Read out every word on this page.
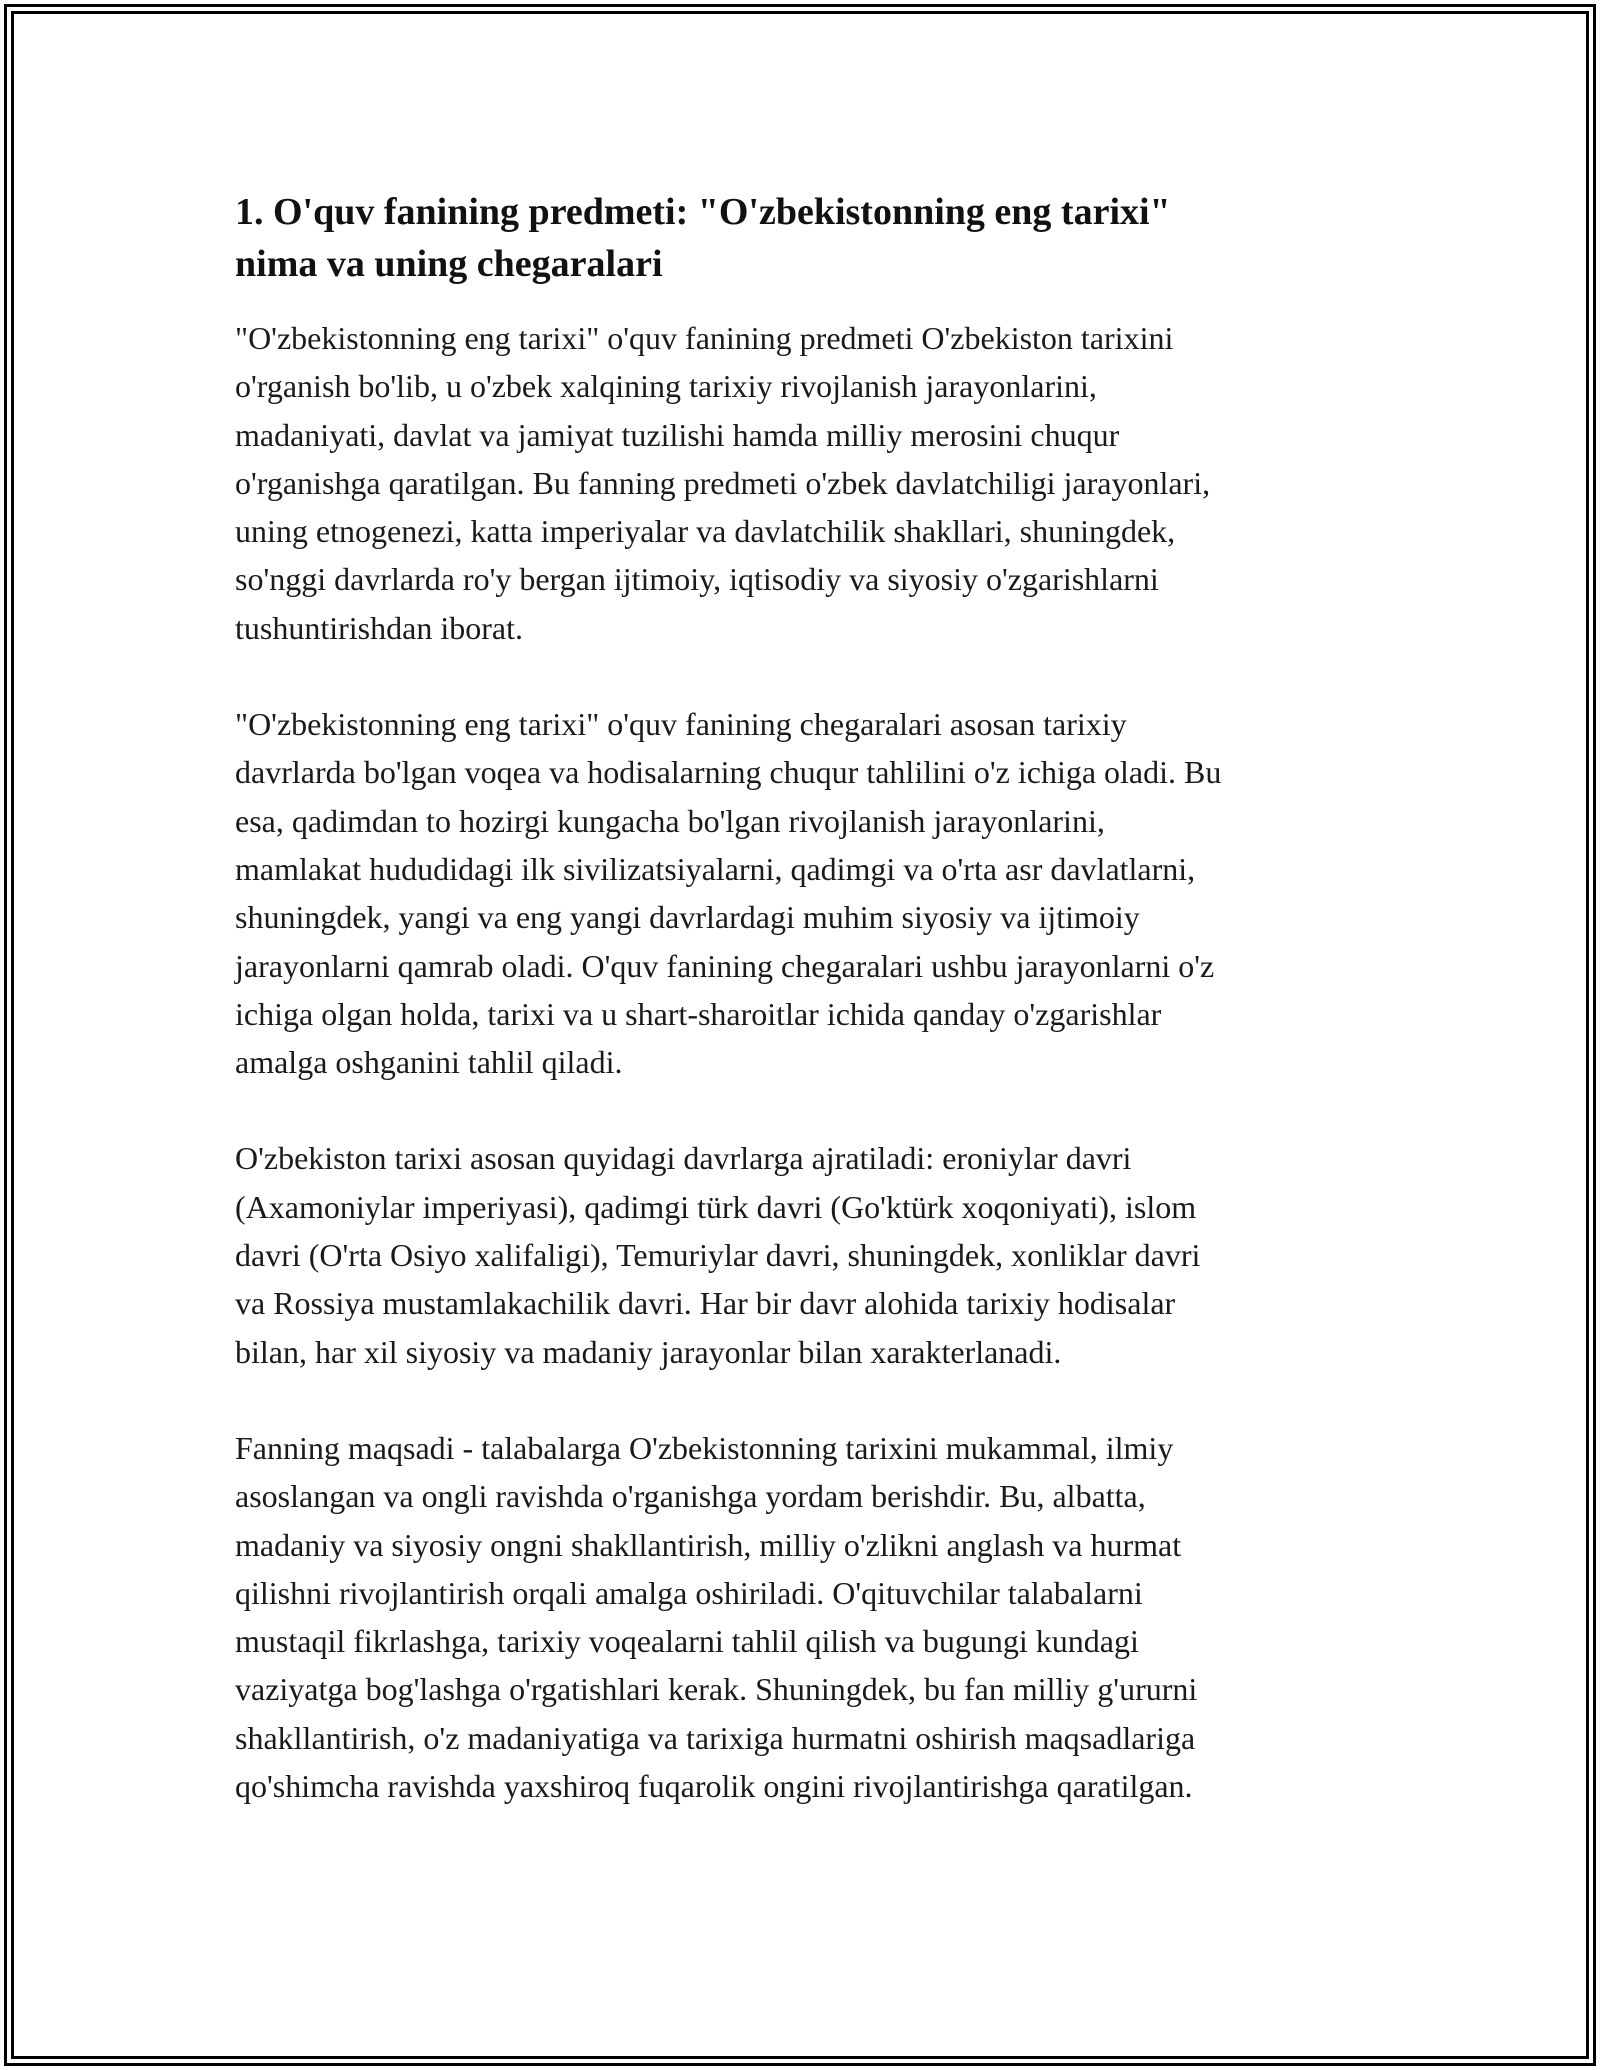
1. O'quv fanining predmeti: "O'zbekistonning eng tarixi"
nima va uning chegaralari

"O'zbekistonning eng tarixi" o'quv fanining predmeti O'zbekiston tarixini
o'rganish bo'lib, u o'zbek xalqining tarixiy rivojlanish jarayonlarini,
madaniyati, davlat va jamiyat tuzilishi hamda milliy merosini chuqur
o'rganishga qaratilgan. Bu fanning predmeti o'zbek davlatchiligi jarayonlari,
uning etnogenezi, katta imperiyalar va davlatchilik shakllari, shuningdek,
so'nggi davrlarda ro'y bergan ijtimoiy, iqtisodiy va siyosiy o'zgarishlarni
tushuntirishdan iborat.

"O'zbekistonning eng tarixi" o'quv fanining chegaralari asosan tarixiy
davrlarda bo'lgan voqea va hodisalarning chuqur tahlilini o'z ichiga oladi. Bu
esa, qadimdan to hozirgi kungacha bo'lgan rivojlanish jarayonlarini,
mamlakat hududidagi ilk sivilizatsiyalarni, qadimgi va o'rta asr davlatlarni,
shuningdek, yangi va eng yangi davrlardagi muhim siyosiy va ijtimoiy
jarayonlarni qamrab oladi. O'quv fanining chegaralari ushbu jarayonlarni o'z
ichiga olgan holda, tarixi va u shart-sharoitlar ichida qanday o'zgarishlar
amalga oshganini tahlil qiladi.

O'zbekiston tarixi asosan quyidagi davrlarga ajratiladi: eroniylar davri
(Axamoniylar imperiyasi), qadimgi türk davri (Go'ktürk xoqoniyati), islom
davri (O'rta Osiyo xalifaligi), Temuriylar davri, shuningdek, xonliklar davri
va Rossiya mustamlakachilik davri. Har bir davr alohida tarixiy hodisalar
bilan, har xil siyosiy va madaniy jarayonlar bilan xarakterlanadi.

Fanning maqsadi - talabalarga O'zbekistonning tarixini mukammal, ilmiy
asoslangan va ongli ravishda o'rganishga yordam berishdir. Bu, albatta,
madaniy va siyosiy ongni shakllantirish, milliy o'zlikni anglash va hurmat
qilishni rivojlantirish orqali amalga oshiriladi. O'qituvchilar talabalarni
mustaqil fikrlashga, tarixiy voqealarni tahlil qilish va bugungi kundagi
vaziyatga bog'lashga o'rgatishlari kerak. Shuningdek, bu fan milliy g'ururni
shakllantirish, o'z madaniyatiga va tarixiga hurmatni oshirish maqsadlariga
qo'shimcha ravishda yaxshiroq fuqarolik ongini rivojlantirishga qaratilgan.
